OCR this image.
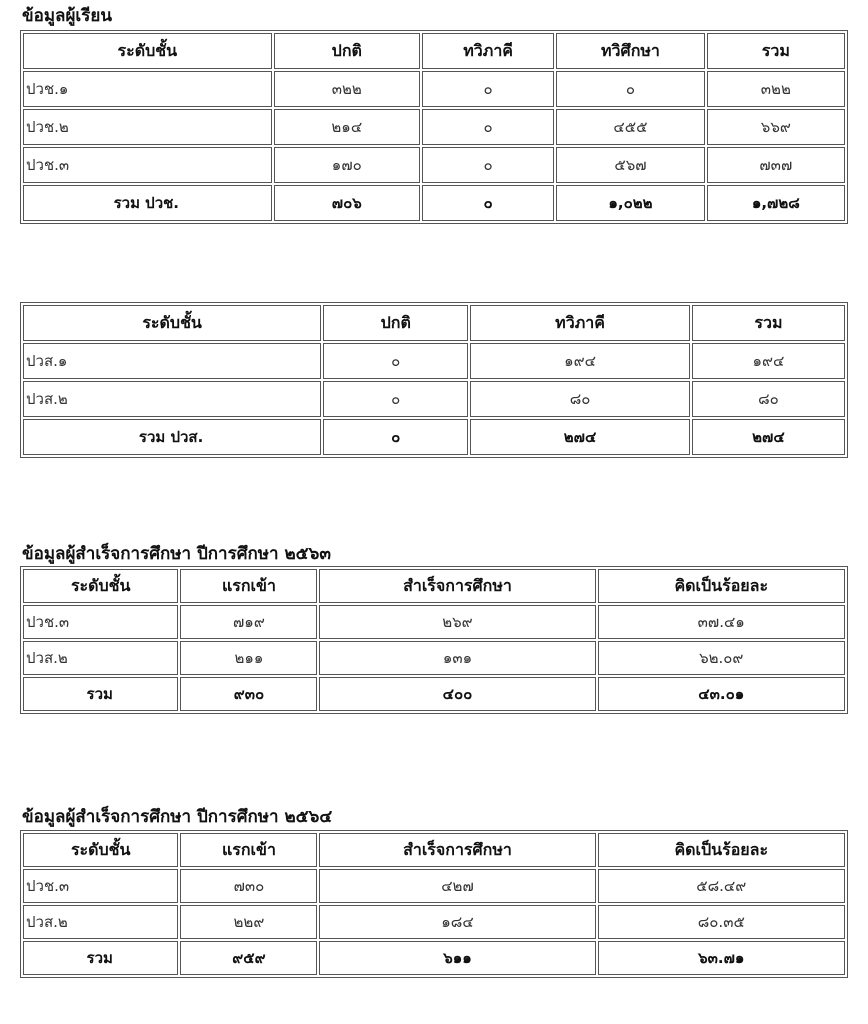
ข้อมูลผู้เรียน
ระดับชั้น	ปกติ	ทวิภาคี	ทวิศึกษา	รวม
ปวช.๑	๓๒๒	๐	๐	๓๒๒
ปวช.๒	๒๑๔	๐	๔๕๕	๖๖๙
ปวช.๓	๑๗๐	๐	๕๖๗	๗๓๗
รวม ปวช.	๗๐๖	๐	๑,๐๒๒	๑,๗๒๘
ระดับชั้น	ปกติ	ทวิภาคี	รวม
ปวส.๑	๐	๑๙๔	๑๙๔
ปวส.๒	๐	๘๐	๘๐
รวม ปวส.	๐	๒๗๔	๒๗๔
ข้อมูลผู้สำเร็จการศึกษา ปีการศึกษา ๒๕๖๓
ระดับชั้น	แรกเข้า	สำเร็จการศึกษา	คิดเป็นร้อยละ
ปวช.๓	๗๑๙	๒๖๙	๓๗.๔๑
ปวส.๒	๒๑๑	๑๓๑	๖๒.๐๙
รวม	๙๓๐	๔๐๐	๔๓.๐๑
ข้อมูลผู้สำเร็จการศึกษา ปีการศึกษา ๒๕๖๔
ระดับชั้น	แรกเข้า	สำเร็จการศึกษา	คิดเป็นร้อยละ
ปวช.๓	๗๓๐	๔๒๗	๕๘.๔๙
ปวส.๒	๒๒๙	๑๘๔	๘๐.๓๕
รวม	๙๕๙	๖๑๑	๖๓.๗๑
